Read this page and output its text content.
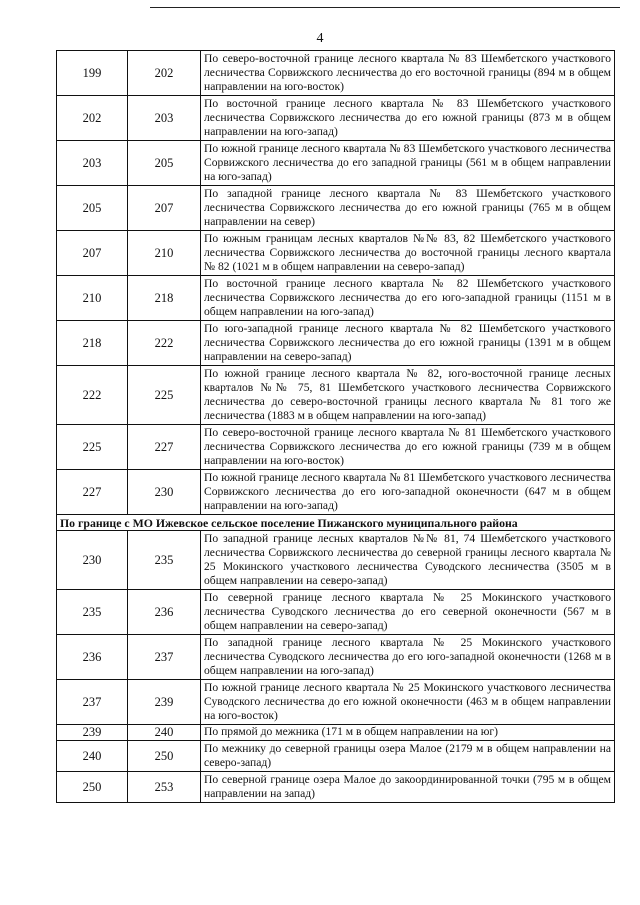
4
199	202	По северо-восточной границе лесного квартала № 83 Шембетского участкового лесничества Сорвижского лесничества до его восточной границы (894 м в общем направлении на юго-восток)
202	203	По восточной границе лесного квартала № 83 Шембетского участкового лесничества Сорвижского лесничества до его южной границы (873 м в общем направлении на юго-запад)
203	205	По южной границе лесного квартала № 83 Шембетского участкового лесничества Сорвижского лесничества до его западной границы (561 м в общем направлении на юго-запад)
205	207	По западной границе лесного квартала № 83 Шембетского участкового лесничества Сорвижского лесничества до его южной границы (765 м в общем направлении на север)
207	210	По южным границам лесных кварталов №№ 83, 82 Шембетского участкового лесничества Сорвижского лесничества до восточной границы лесного квартала № 82 (1021 м в общем направлении на северо-запад)
210	218	По восточной границе лесного квартала № 82 Шембетского участкового лесничества Сорвижского лесничества до его юго-западной границы (1151 м в общем направлении на юго-запад)
218	222	По юго-западной границе лесного квартала № 82 Шембетского участкового лесничества Сорвижского лесничества до его южной границы (1391 м в общем направлении на северо-запад)
222	225	По южной границе лесного квартала № 82, юго-восточной границе лесных кварталов №№ 75, 81 Шембетского участкового лесничества Сорвижского лесничества до северо-восточной границы лесного квартала № 81 того же лесничества (1883 м в общем направлении на юго-запад)
225	227	По северо-восточной границе лесного квартала № 81 Шембетского участкового лесничества Сорвижского лесничества до его южной границы (739 м в общем направлении на юго-восток)
227	230	По южной границе лесного квартала № 81 Шембетского участкового лесничества Сорвижского лесничества до его юго-западной оконечности (647 м в общем направлении на юго-запад)
По границе с МО Ижевское сельское поселение Пижанского муниципального района		
230	235	По западной границе лесных кварталов №№ 81, 74 Шембетского участкового лесничества Сорвижского лесничества до северной границы лесного квартала № 25 Мокинского участкового лесничества Суводского лесничества (3505 м в общем направлении на северо-запад)
235	236	По северной границе лесного квартала № 25 Мокинского участкового лесничества Суводского лесничества до его северной оконечности (567 м в общем направлении на северо-запад)
236	237	По западной границе лесного квартала № 25 Мокинского участкового лесничества Суводского лесничества до его юго-западной оконечности (1268 м в общем направлении на юго-запад)
237	239	По южной границе лесного квартала № 25 Мокинского участкового лесничества Суводского лесничества до его южной оконечности (463 м в общем направлении на юго-восток)
239	240	По прямой до межника (171 м в общем направлении на юг)
240	250	По межнику до северной границы озера Малое (2179 м в общем направлении на северо-запад)
250	253	По северной границе озера Малое до закоординированной точки (795 м в общем направлении на запад)
